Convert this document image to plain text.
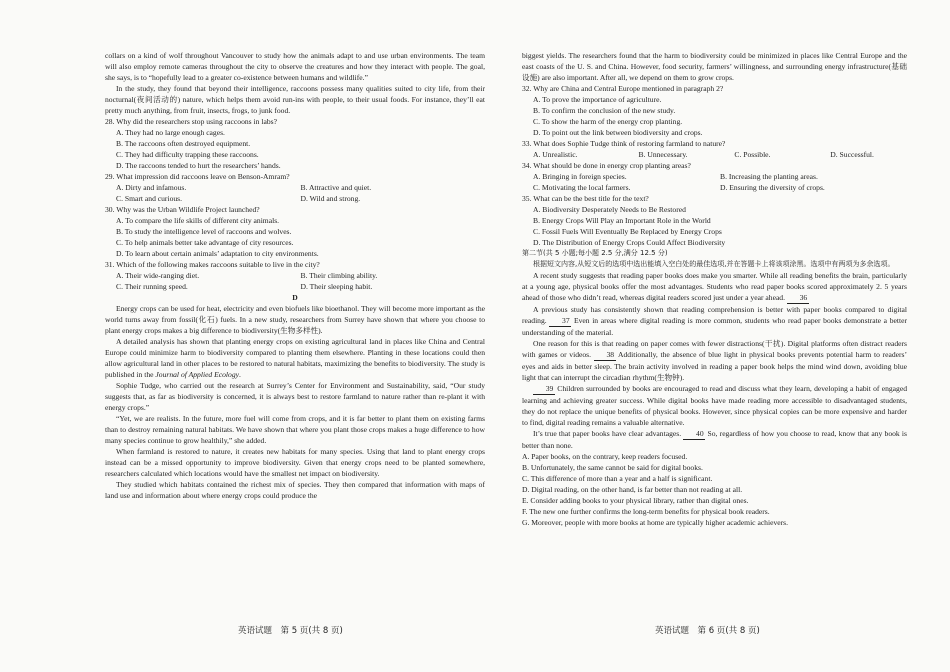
collars on a kind of wolf throughout Vancouver to study how the animals adapt to and use urban environments. The team will also employ remote cameras throughout the city to observe the creatures and how they interact with people. The goal, she says, is to “hopefully lead to a greater co-existence between humans and wildlife.”

In the study, they found that beyond their intelligence, raccoons possess many qualities suited to city life, from their nocturnal(夜间活动的) nature, which helps them avoid run-ins with people, to their usual foods. For instance, they’ll eat pretty much anything, from fruit, insects, frogs, to junk food.

28. Why did the researchers stop using raccoons in labs?

A. They had no large enough cages.

B. The raccoons often destroyed equipment.

C. They had difficulty trapping these raccoons.

D. The raccoons tended to hurt the researchers’ hands.

29. What impression did raccoons leave on Benson-Amram?

A. Dirty and infamous.	B. Attractive and quiet.
C. Smart and curious.	D. Wild and strong.

30. Why was the Urban Wildlife Project launched?

A. To compare the life skills of different city animals.

B. To study the intelligence level of raccoons and wolves.

C. To help animals better take advantage of city resources.

D. To learn about certain animals’ adaptation to city environments.

31. Which of the following makes raccoons suitable to live in the city?

A. Their wide-ranging diet.	B. Their climbing ability.
C. Their running speed.	D. Their sleeping habit.

D

Energy crops can be used for heat, electricity and even biofuels like bioethanol. They will become more important as the world turns away from fossil(化石) fuels. In a new study, researchers from Surrey have shown that where you choose to plant energy crops makes a big difference to biodiversity(生物多样性).

A detailed analysis has shown that planting energy crops on existing agricultural land in places like China and Central Europe could minimize harm to biodiversity compared to planting them elsewhere. Planting in these locations could then allow agricultural land in other places to be restored to natural habitats, maximizing the benefits to biodiversity. The study is published in the Journal of Applied Ecology.

Sophie Tudge, who carried out the research at Surrey’s Center for Environment and Sustainability, said, “Our study suggests that, as far as biodiversity is concerned, it is always best to restore farmland to nature rather than re-plant it with energy crops.”

“Yet, we are realists. In the future, more fuel will come from crops, and it is far better to plant them on existing farms than to destroy remaining natural habitats. We have shown that where you plant those crops makes a huge difference to how many species continue to grow healthily,” she added.

When farmland is restored to nature, it creates new habitats for many species. Using that land to plant energy crops instead can be a missed opportunity to improve biodiversity. Given that energy crops need to be planted somewhere, researchers calculated which locations would have the smallest net impact on biodiversity.

They studied which habitats contained the richest mix of species. They then compared that information with maps of land use and information about where energy crops could produce the

英语试题　第 5 页(共 8 页)

biggest yields. The researchers found that the harm to biodiversity could be minimized in places like Central Europe and the east coasts of the U. S. and China. However, food security, farmers’ willingness, and surrounding energy infrastructure(基础设施) are also important. After all, we depend on them to grow crops.

32. Why are China and Central Europe mentioned in paragraph 2?

A. To prove the importance of agriculture.

B. To confirm the conclusion of the new study.

C. To show the harm of the energy crop planting.

D. To point out the link between biodiversity and crops.

33. What does Sophie Tudge think of restoring farmland to nature?

A. Unrealistic.	B. Unnecessary.	C. Possible.	D. Successful.

34. What should be done in energy crop planting areas?

A. Bringing in foreign species.	B. Increasing the planting areas.
C. Motivating the local farmers.	D. Ensuring the diversity of crops.

35. What can be the best title for the text?

A. Biodiversity Desperately Needs to Be Restored

B. Energy Crops Will Play an Important Role in the World

C. Fossil Fuels Will Eventually Be Replaced by Energy Crops

D. The Distribution of Energy Crops Could Affect Biodiversity

第二节(共 5 小题;每小题 2.5 分,满分 12.5 分)

根据短文内容,从短文后的选项中选出能填入空白处的最佳选项,并在答题卡上将该项涂黑。选项中有两项为多余选项。

A recent study suggests that reading paper books does make you smarter. While all reading benefits the brain, particularly at a young age, physical books offer the most advantages. Students who read paper books scored approximately 2. 5 years ahead of those who didn’t read, whereas digital readers scored just under a year ahead. 36

A previous study has consistently shown that reading comprehension is better with paper books compared to digital reading. 37 Even in areas where digital reading is more common, students who read paper books demonstrate a better understanding of the material.

One reason for this is that reading on paper comes with fewer distractions(干扰). Digital platforms often distract readers with games or videos. 38 Additionally, the absence of blue light in physical books prevents potential harm to readers’ eyes and aids in better sleep. The brain activity involved in reading a paper book helps the mind wind down, avoiding blue light that can interrupt the circadian rhythm(生物钟).

39 Children surrounded by books are encouraged to read and discuss what they learn, developing a habit of engaged learning and achieving greater success. While digital books have made reading more accessible to disadvantaged students, they do not replace the unique benefits of physical books. However, since physical copies can be more expensive and harder to find, digital reading remains a valuable alternative.

It’s true that paper books have clear advantages. 40 So, regardless of how you choose to read, know that any book is better than none.

A. Paper books, on the contrary, keep readers focused.

B. Unfortunately, the same cannot be said for digital books.

C. This difference of more than a year and a half is significant.

D. Digital reading, on the other hand, is far better than not reading at all.

E. Consider adding books to your physical library, rather than digital ones.

F. The new one further confirms the long-term benefits for physical book readers.

G. Moreover, people with more books at home are typically higher academic achievers.

英语试题　第 6 页(共 8 页)
